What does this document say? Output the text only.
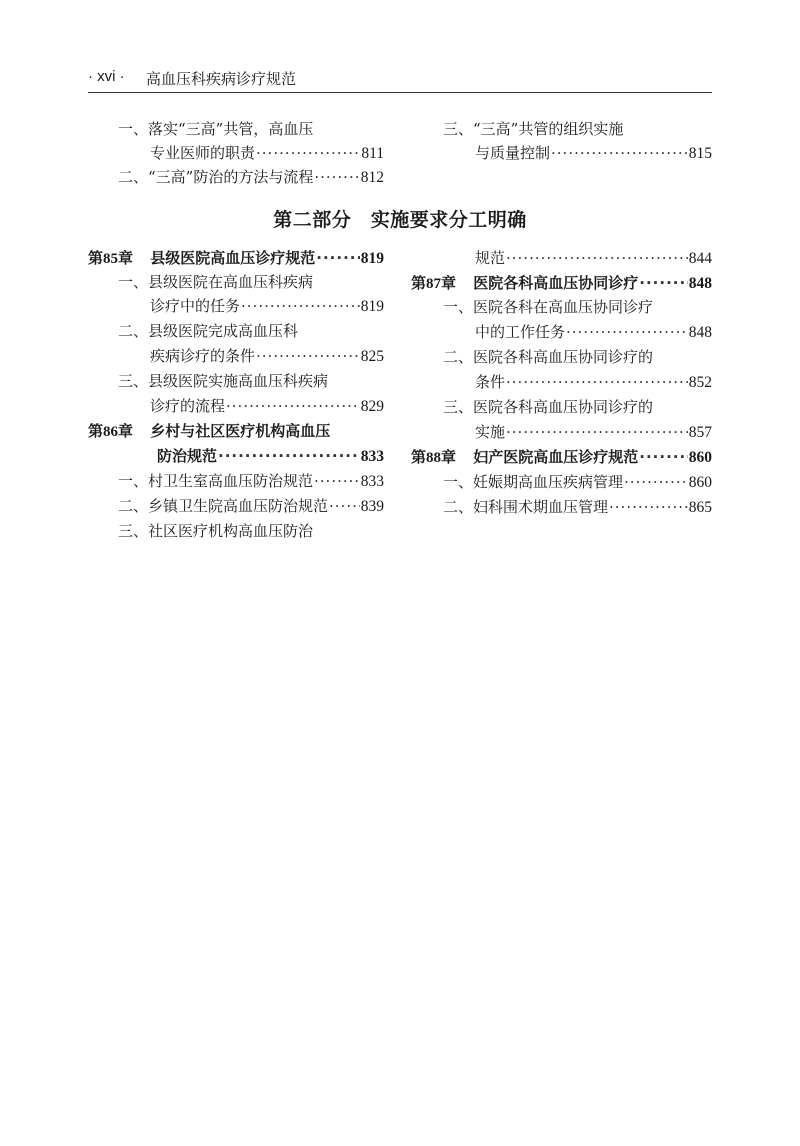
· xvi · 高血压科疾病诊疗规范
一、落实“三高”共管，高血压
专业医师的职责 ·····	811
二、“三高”防治的方法与流程 ·····	812
三、“三高”共管的组织实施
与质量控制 ·····	815
第二部分　实施要求分工明确
第85章 县级医院高血压诊疗规范 ·····	819
一、县级医院在高血压科疾病
诊疗中的任务 ·····	819
二、县级医院完成高血压科
疾病诊疗的条件 ·····	825
三、县级医院实施高血压科疾病
诊疗的流程 ·····	829
第86章 乡村与社区医疗机构高血压
防治规范 ·····	833
一、村卫生室高血压防治规范 ·····	833
二、乡镇卫生院高血压防治规范 ····· 839
三、社区医疗机构高血压防治
规范 ·····	844
第87章 医院各科高血压协同诊疗 ·····	848
一、医院各科在高血压协同诊疗
中的工作任务 ·····	848
二、医院各科高血压协同诊疗的
条件 ·····	852
三、医院各科高血压协同诊疗的
实施 ·····	857
第88章 妇产医院高血压诊疗规范 ·····	860
一、妊娠期高血压疾病管理 ·····	860
二、妇科围术期血压管理 ·····	865
